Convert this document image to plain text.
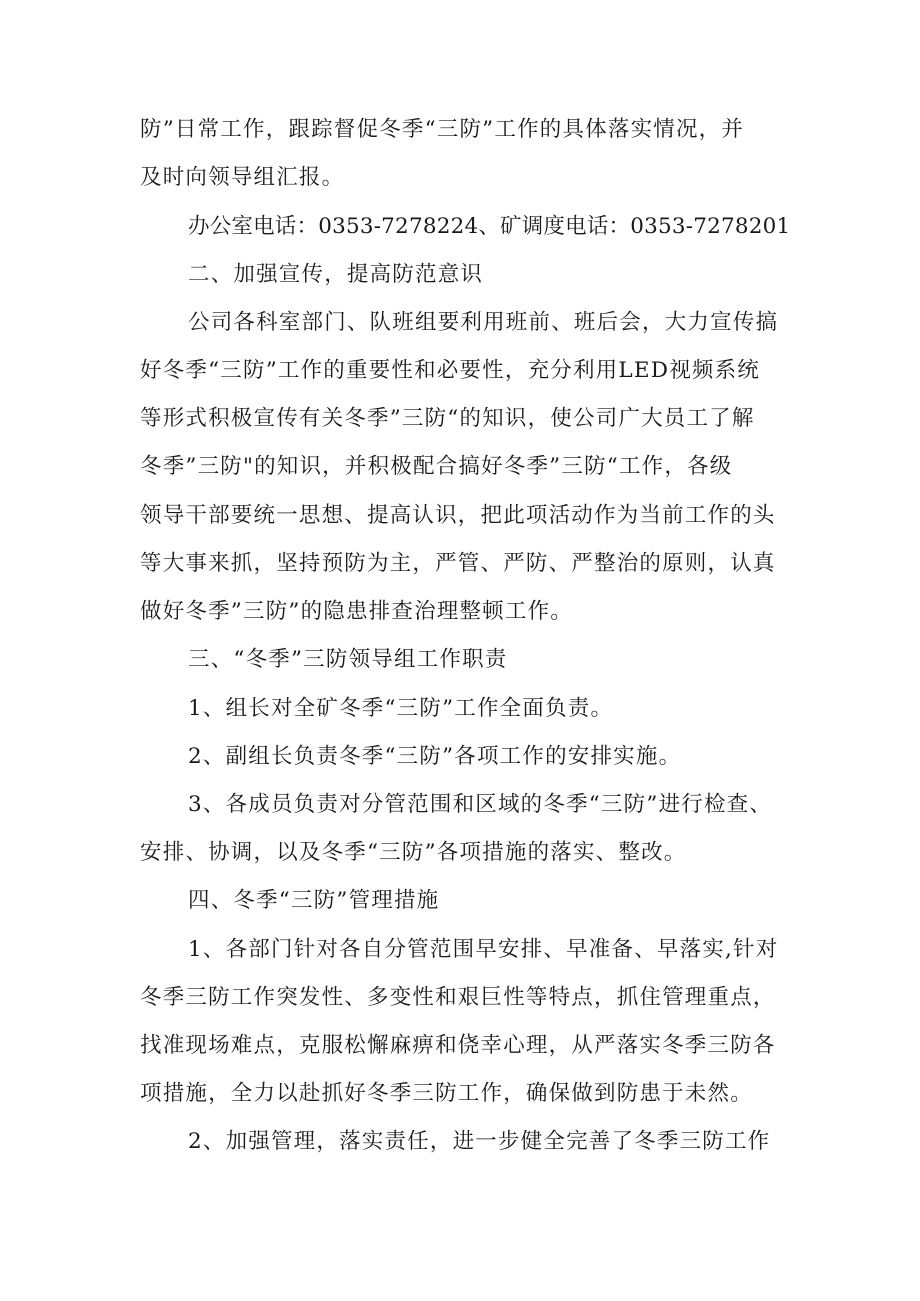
防”日常工作，跟踪督促冬季“三防”工作的具体落实情况，并

及时向领导组汇报。

办公室电话：0353-7278224、矿调度电话：0353-7278201

二、加强宣传，提高防范意识

公司各科室部门、队班组要利用班前、班后会，大力宣传搞

好冬季“三防”工作的重要性和必要性，充分利用LED视频系统

等形式积极宣传有关冬季”三防“的知识，使公司广大员工了解

冬季”三防"的知识，并积极配合搞好冬季”三防“工作，各级

领导干部要统一思想、提高认识，把此项活动作为当前工作的头

等大事来抓，坚持预防为主，严管、严防、严整治的原则，认真

做好冬季”三防”的隐患排查治理整顿工作。

三、“冬季”三防领导组工作职责

1、组长对全矿冬季“三防”工作全面负责。

2、副组长负责冬季“三防”各项工作的安排实施。

3、各成员负责对分管范围和区域的冬季“三防”进行检查、

安排、协调，以及冬季“三防”各项措施的落实、整改。

四、冬季“三防”管理措施

1、各部门针对各自分管范围早安排、早准备、早落实,针对

冬季三防工作突发性、多变性和艰巨性等特点，抓住管理重点，

找准现场难点，克服松懈麻痹和侥幸心理，从严落实冬季三防各

项措施，全力以赴抓好冬季三防工作，确保做到防患于未然。

2、加强管理，落实责任，进一步健全完善了冬季三防工作
